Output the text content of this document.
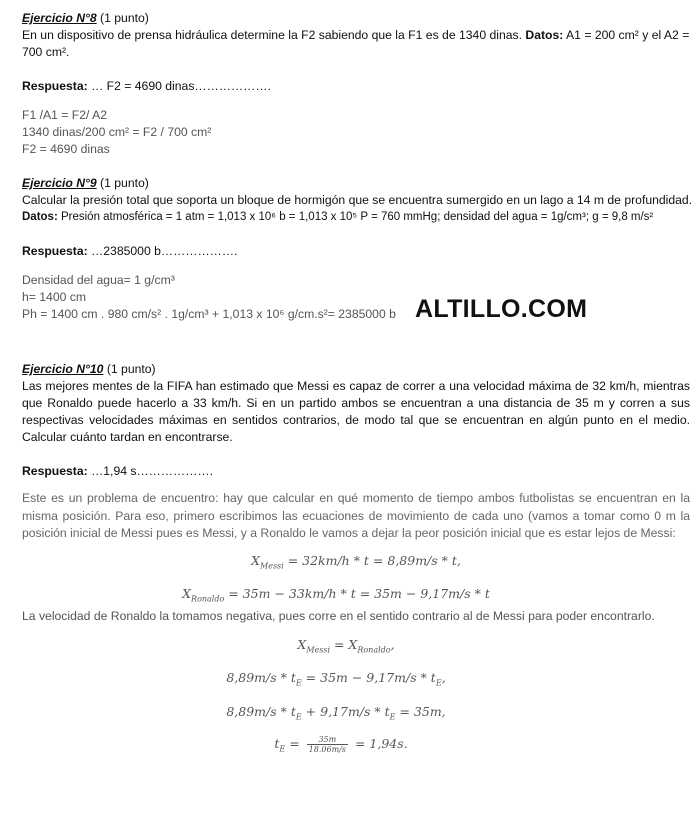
Ejercicio N°8 (1 punto)
En un dispositivo de prensa hidráulica determine la F2 sabiendo que la F1 es de 1340 dinas. Datos: A1 = 200 cm² y el A2 =
700 cm².
Respuesta: … F2 = 4690 dinas……………….
F1 /A1 = F2/ A2
1340 dinas/200 cm² = F2 / 700 cm²
F2 = 4690 dinas
Ejercicio N°9 (1 punto)
Calcular la presión total que soporta un bloque de hormigón que se encuentra sumergido en un lago a 14 m de profundidad.
Datos: Presión atmosférica = 1 atm = 1,013 x 10⁶ b = 1,013 x 10⁵ P = 760 mmHg; densidad del agua = 1g/cm³; g = 9,8 m/s²
Respuesta: …2385000 b……………….
Densidad del agua= 1 g/cm³
h= 1400 cm
Ph = 1400 cm . 980 cm/s² . 1g/cm³ + 1,013 x 10⁶ g/cm.s²= 2385000 b
Ejercicio N°10 (1 punto)
Las mejores mentes de la FIFA han estimado que Messi es capaz de correr a una velocidad máxima de 32 km/h, mientras que Ronaldo puede hacerlo a 33 km/h. Si en un partido ambos se encuentran a una distancia de 35 m y corren a sus respectivas velocidades máximas en sentidos contrarios, de modo tal que se encuentran en algún punto en el medio. Calcular cuánto tardan en encontrarse.
Respuesta: …1,94 s……………….
Este es un problema de encuentro: hay que calcular en qué momento de tiempo ambos futbolistas se encuentran en la misma posición. Para eso, primero escribimos las ecuaciones de movimiento de cada uno (vamos a tomar como 0 m la posición inicial de Messi pues es Messi, y a Ronaldo le vamos a dejar la peor posición inicial que es estar lejos de Messi:
$X_{Messi} = 32km/h * t = 8,89m/s * t$,
$X_{Ronaldo} = 35m - 33km/h * t = 35m - 9,17m/s * t$
La velocidad de Ronaldo la tomamos negativa, pues corre en el sentido contrario al de Messi para poder encontrarlo.
$X_{Messi} = X_{Ronaldo}$,
$8,89m/s * t_E = 35m - 9,17m/s * t_E$,
$8,89m/s * t_E + 9,17m/s * t_E = 35m$,
$t_E = \frac{35m}{18.06m/s} = 1,94s$.
ALTILLO.COM
